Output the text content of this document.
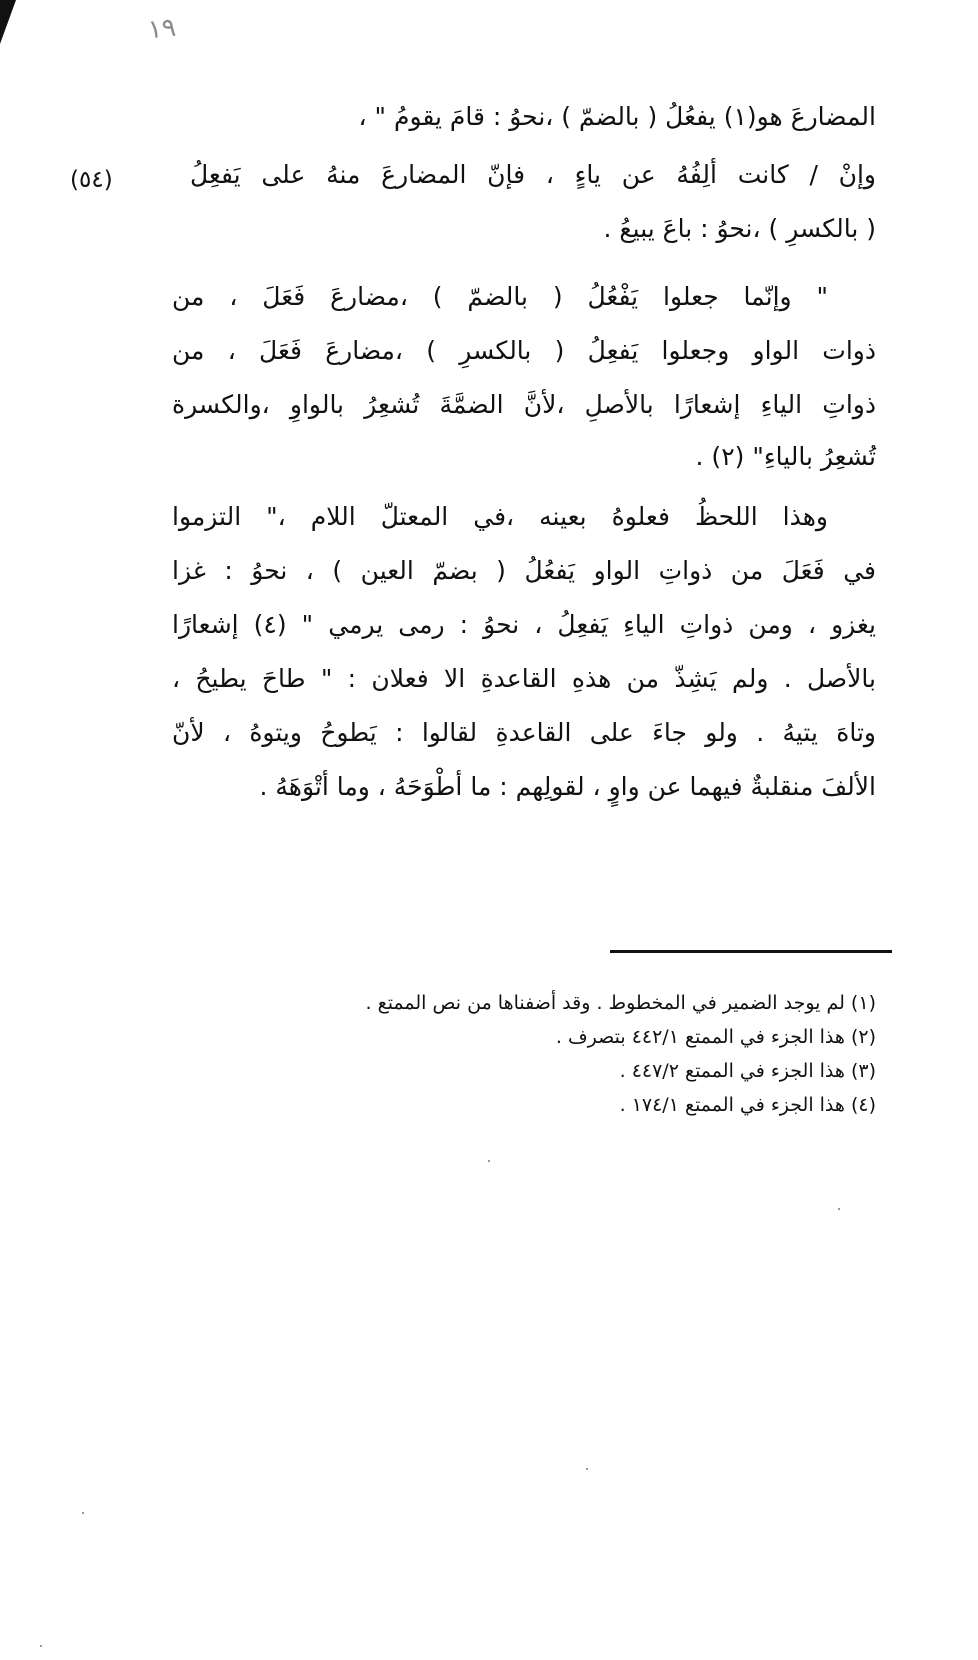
١٩
(٥٤)
المضارعَ هو(١) يفعُلُ ( بالضمّ ) ،نحوُ : قامَ يقومُ " ،
وإنْ / كانت ألِفُهُ عن ياءٍ ، فإنّ المضارعَ منهُ على يَفعِلُ
( بالكسرِ ) ،نحوُ : باعَ يبيعُ .
" وإنّما جعلوا يَفْعُلُ ( بالضمّ ) ،مضارعَ فَعَلَ ، من
ذوات الواو وجعلوا يَفعِلُ ( بالكسرِ ) ،مضارعَ فَعَلَ ، من
ذواتِ الياءِ إشعارًا بالأصلِ ،لأنَّ الضمَّةَ تُشعِرُ بالواوِ ،والكسرة
تُشعِرُ بالياءِ" (٢) .
وهذا اللحظُ فعلوهُ بعينه ،في المعتلّ اللام ،" التزموا
في فَعَلَ من ذواتِ الواو يَفعُلُ ( بضمّ العين ) ، نحوُ : غزا
يغزو ، ومن ذواتِ الياءِ يَفعِلُ ، نحوُ : رمى يرمي " (٤) إشعارًا
بالأصل . ولم يَشِذّ من هذهِ القاعدةِ الا فعلان : " طاحَ يطيحُ ،
وتاهَ يتيهُ . ولو جاءَ على القاعدةِ لقالوا : يَطوحُ ويتوهُ ، لأنّ
الألفَ منقلبةٌ فيهما عن واوٍ ، لقولِهم : ما أطْوَحَهُ ، وما أتْوَهَهُ .
(١) لم يوجد الضمير في المخطوط . وقد أضفناها من نص الممتع .
(٢) هذا الجزء في الممتع ٤٤٢/١ بتصرف .
(٣) هذا الجزء في الممتع ٤٤٧/٢ .
(٤) هذا الجزء في الممتع ١٧٤/١ .
